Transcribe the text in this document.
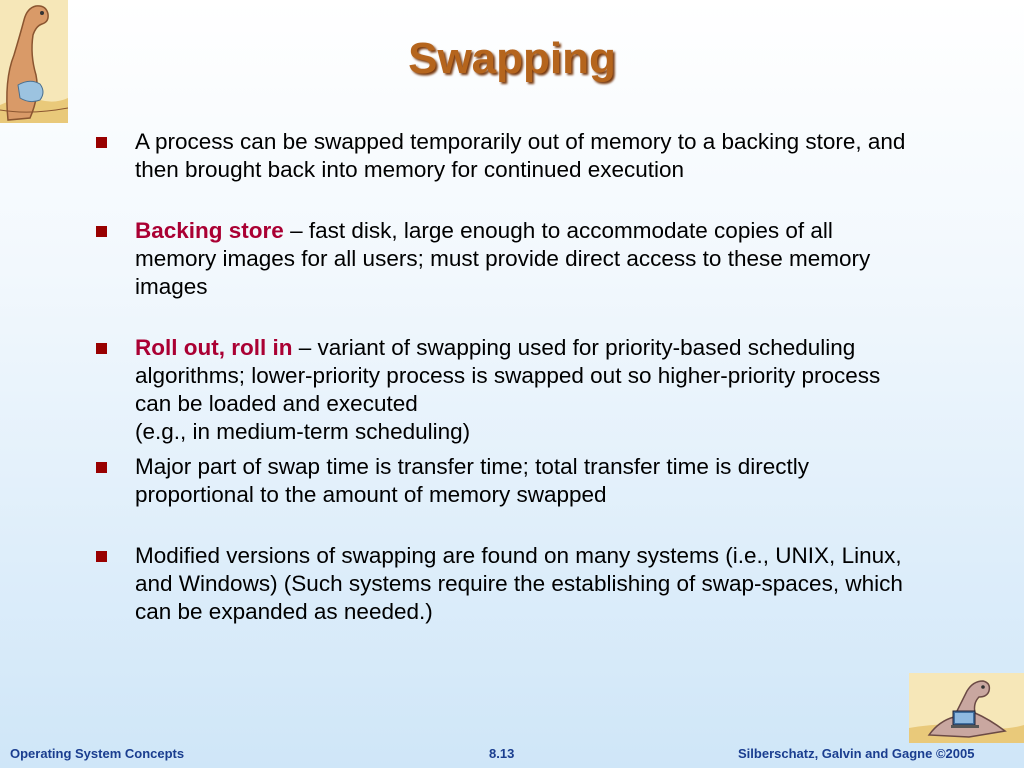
Swapping
A process can be swapped temporarily out of memory to a backing store, and then brought back into memory for continued execution
Backing store – fast disk, large enough to accommodate copies of all memory images for all users; must provide direct access to these memory images
Roll out, roll in – variant of swapping used for priority-based scheduling algorithms; lower-priority process is swapped out so higher-priority process can be loaded and executed
(e.g., in medium-term scheduling)
Major part of swap time is transfer time; total transfer time is directly proportional to the amount of memory swapped
Modified versions of swapping are found on many systems (i.e., UNIX, Linux, and Windows) (Such systems require the establishing of swap-spaces, which can be expanded as needed.)
Operating System Concepts	8.13	Silberschatz, Galvin and Gagne ©2005
